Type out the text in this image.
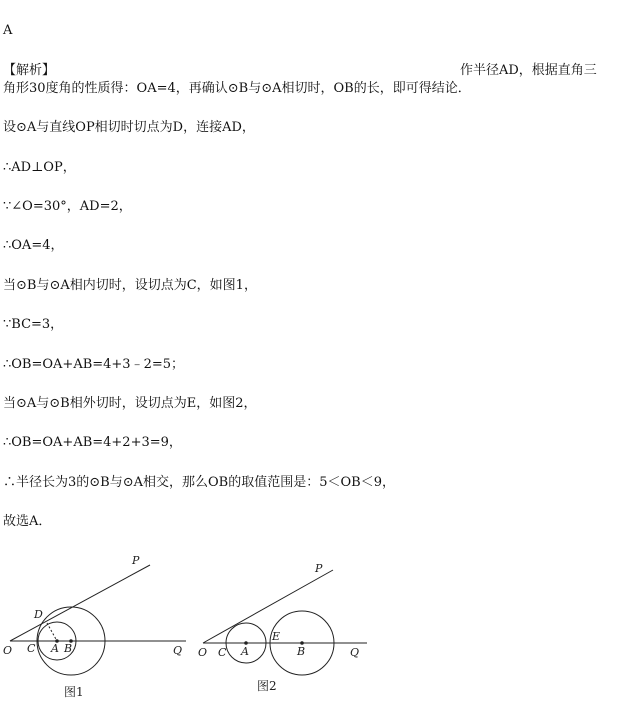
A
【解析】	作半径AD，根据直角三
角形30度角的性质得：OA=4，再确认⊙B与⊙A相切时，OB的长，即可得结论．
设⊙A与直线OP相切时切点为D，连接AD，
∴AD⊥OP，
∵∠O=30°，AD=2，
∴OA=4，
当⊙B与⊙A相内切时，设切点为C，如图1，
∵BC=3，
∴OB=OA+AB=4+3﹣2=5；
当⊙A与⊙B相外切时，设切点为E，如图2，
∴OB=OA+AB=4+2+3=9，
∴半径长为3的⊙B与⊙A相交，那么OB的取值范围是：5＜OB＜9，
故选A．
P
D
O C A B	Q
图1
P
O C A
E
B	Q
图2
